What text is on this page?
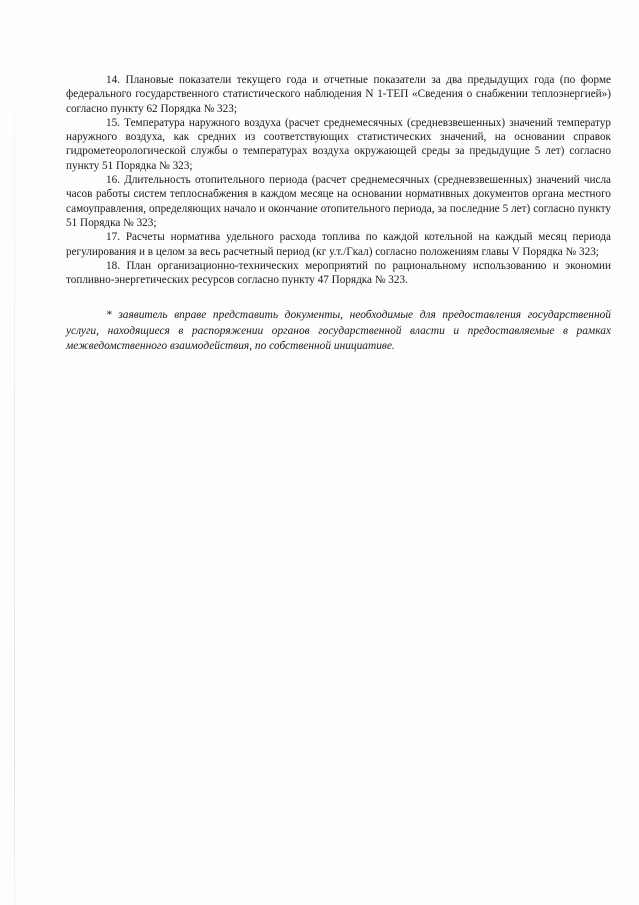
14. Плановые показатели текущего года и отчетные показатели за два предыдущих года (по форме федерального государственного статистического наблюдения N 1-ТЕП «Сведения о снабжении теплоэнергией») согласно пункту 62 Порядка № 323;

15. Температура наружного воздуха (расчет среднемесячных (средневзвешенных) значений температур наружного воздуха, как средних из соответствующих статистических значений, на основании справок гидрометеорологической службы о температурах воздуха окружающей среды за предыдущие 5 лет) согласно пункту 51 Порядка № 323;

16. Длительность отопительного периода (расчет среднемесячных (средневзвешенных) значений числа часов работы систем теплоснабжения в каждом месяце на основании нормативных документов органа местного самоуправления, определяющих начало и окончание отопительного периода, за последние 5 лет) согласно пункту 51 Порядка № 323;

17. Расчеты норматива удельного расхода топлива по каждой котельной на каждый месяц периода регулирования и в целом за весь расчетный период (кг у.т./Гкал) согласно положениям главы V Порядка № 323;

18. План организационно-технических мероприятий по рациональному использованию и экономии топливно-энергетических ресурсов согласно пункту 47 Порядка № 323.

* заявитель вправе представить документы, необходимые для предоставления государственной услуги, находящиеся в распоряжении органов государственной власти и предоставляемые в рамках межведомственного взаимодействия, по собственной инициативе.
